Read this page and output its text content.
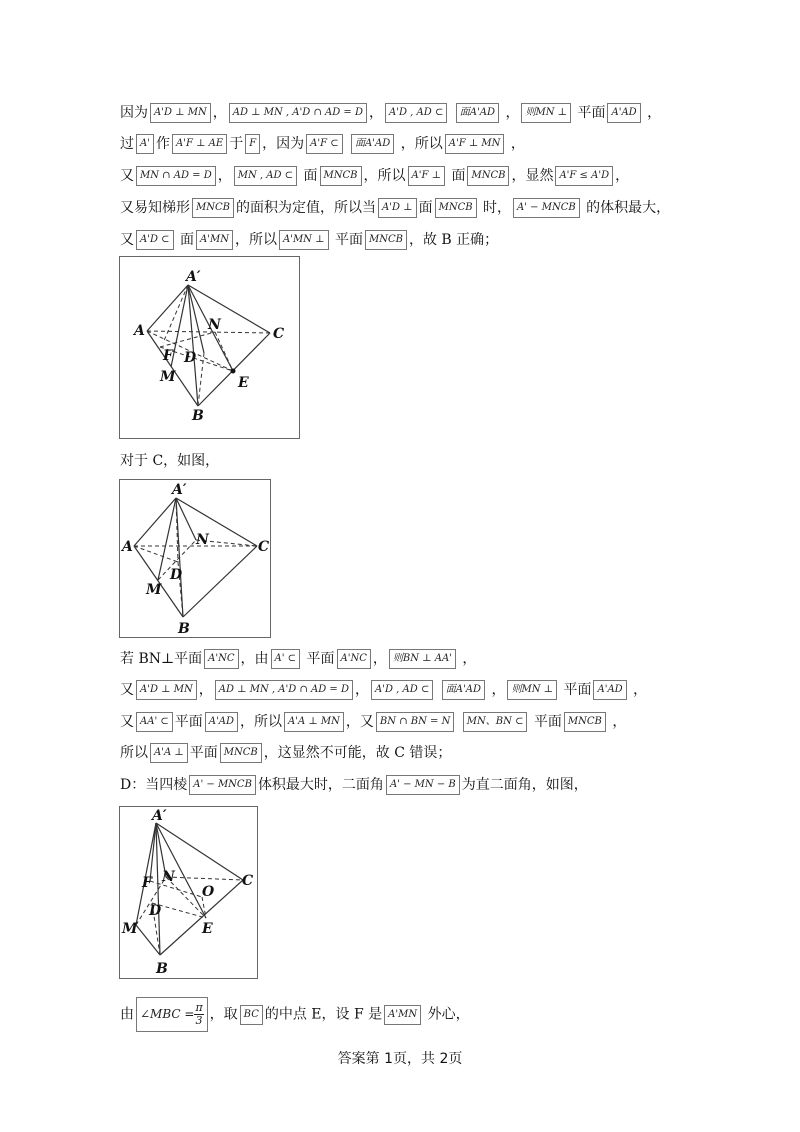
因为 A'D ⊥ MN ， AD ⊥ MN , A'D ∩ AD = D ， A'D , AD ⊂ 面A'AD ， 则MN ⊥ 平面 A'AD ，
过 A' 作 A'F ⊥ AE 于 F ，因为 A'F ⊂ 面A'AD ，所以 A'F ⊥ MN ，
又 MN ∩ AD = D ， MN , AD ⊂ 面 MNCB ，所以 A'F ⊥ 面 MNCB ，显然 A'F ≤ A'D ，
又易知梯形 MNCB 的面积为定值，所以当 A'D ⊥ 面 MNCB 时， A' − MNCB 的体积最大，
又 A'D ⊂ 面 A'MN ，所以 A'MN ⊥ 平面 MNCB ，故 B 正确；
对于 C，如图，
若 BN⊥平面 A'NC ，由 A' ⊂ 平面 A'NC ， 则BN ⊥ AA' ，
又 A'D ⊥ MN ， AD ⊥ MN , A'D ∩ AD = D ， A'D , AD ⊂ 面A'AD ， 则MN ⊥ 平面 A'AD ，
又 AA' ⊂ 平面 A'AD ，所以 A'A ⊥ MN ，又 BN ∩ BN = N MN、BN ⊂ 平面 MNCB ，
所以 A'A ⊥ 平面 MNCB ，这显然不可能，故 C 错误；
D：当四棱 A' − MNCB 体积最大时，二面角 A' − MN − B 为直二面角，如图，
由 ∠MBC = $\frac{\pi}{3}$ ，取 BC 的中点 E，设 F 是 A'MN 外心，
A′
A	N
C
F D
M	E
B
A′
A	N	C
D
M
B
A′
F N
O
C
D
M	E
B
答案第 1页，共 2页
